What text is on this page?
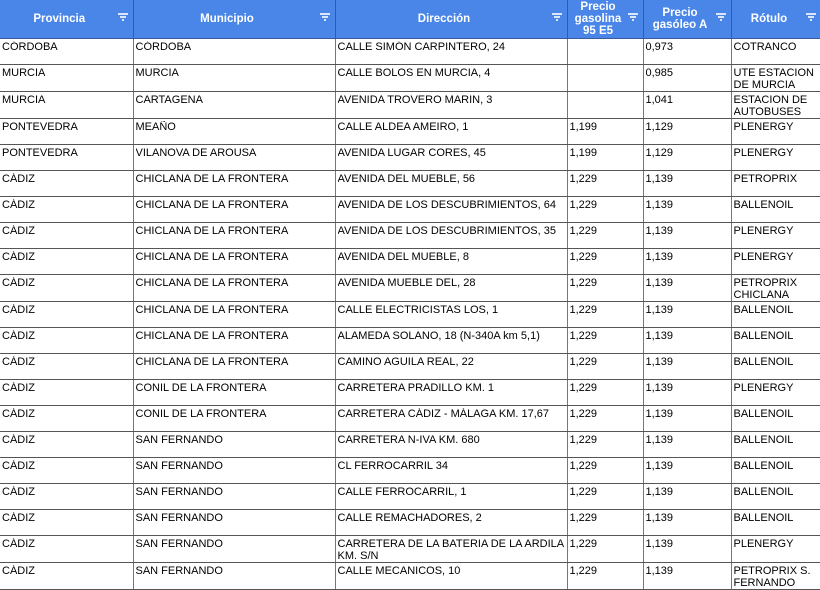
Provincia	Municipio	Dirección	Precio gasolina 95 E5	Precio gasóleo A	Rótulo

CÓRDOBA	CÓRDOBA	CALLE SIMÓN CARPINTERO, 24		0,973	COTRANCO

MURCIA	MURCIA	CALLE BOLOS EN MURCIA, 4		0,985	UTE ESTACION DE MURCIA

MURCIA	CARTAGENA	AVENIDA TROVERO MARIN, 3		1,041	ESTACION DE AUTOBUSES

PONTEVEDRA	MEAÑO	CALLE ALDEA AMEIRO, 1	1,199	1,129	PLENERGY

PONTEVEDRA	VILANOVA DE AROUSA	AVENIDA LUGAR CORES, 45	1,199	1,129	PLENERGY

CÁDIZ	CHICLANA DE LA FRONTERA	AVENIDA DEL MUEBLE, 56	1,229	1,139	PETROPRIX

CÁDIZ	CHICLANA DE LA FRONTERA	AVENIDA DE LOS DESCUBRIMIENTOS, 64	1,229	1,139	BALLENOIL

CÁDIZ	CHICLANA DE LA FRONTERA	AVENIDA DE LOS DESCUBRIMIENTOS, 35	1,229	1,139	PLENERGY

CÁDIZ	CHICLANA DE LA FRONTERA	AVENIDA DEL MUEBLE, 8	1,229	1,139	PLENERGY

CÁDIZ	CHICLANA DE LA FRONTERA	AVENIDA MUEBLE DEL, 28	1,229	1,139	PETROPRIX CHICLANA

CÁDIZ	CHICLANA DE LA FRONTERA	CALLE ELECTRICISTAS LOS, 1	1,229	1,139	BALLENOIL

CÁDIZ	CHICLANA DE LA FRONTERA	ALAMEDA SOLANO, 18 (N-340A km 5,1)	1,229	1,139	BALLENOIL

CÁDIZ	CHICLANA DE LA FRONTERA	CAMINO AGUILA REAL, 22	1,229	1,139	BALLENOIL

CÁDIZ	CONIL DE LA FRONTERA	CARRETERA PRADILLO KM. 1	1,229	1,139	PLENERGY

CÁDIZ	CONIL DE LA FRONTERA	CARRETERA CÁDIZ - MÁLAGA KM. 17,67	1,229	1,139	BALLENOIL

CÁDIZ	SAN FERNANDO	CARRETERA N-IVA KM. 680	1,229	1,139	BALLENOIL

CÁDIZ	SAN FERNANDO	CL FERROCARRIL 34	1,229	1,139	BALLENOIL

CÁDIZ	SAN FERNANDO	CALLE FERROCARRIL, 1	1,229	1,139	BALLENOIL

CÁDIZ	SAN FERNANDO	CALLE REMACHADORES, 2	1,229	1,139	BALLENOIL

CÁDIZ	SAN FERNANDO	CARRETERA DE LA BATERIA DE LA ARDILA KM. S/N	1,229	1,139	PLENERGY

CÁDIZ	SAN FERNANDO	CALLE MECANICOS, 10	1,229	1,139	PETROPRIX S. FERNANDO
